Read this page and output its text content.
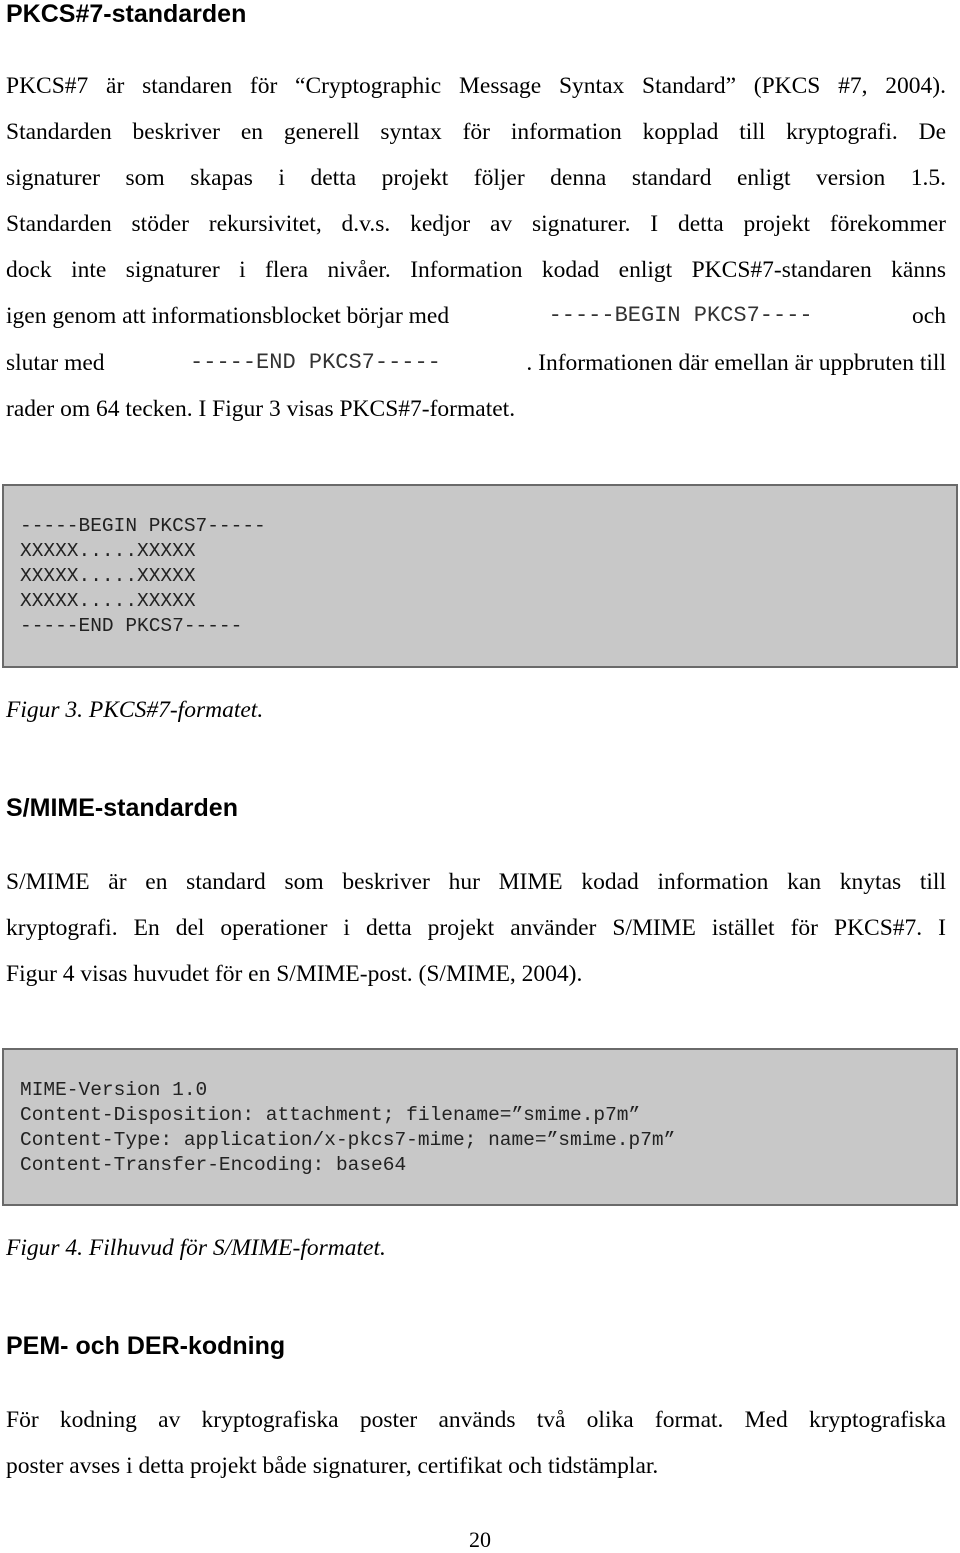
PKCS#7-standarden
PKCS#7 är standaren för “Cryptographic Message Syntax Standard” (PKCS #7, 2004).
Standarden beskriver en generell syntax för information kopplad till kryptografi. De
signaturer som skapas i detta projekt följer denna standard enligt version 1.5.
Standarden stöder rekursivitet, d.v.s. kedjor av signaturer. I detta projekt förekommer
dock inte signaturer i flera nivåer. Information kodad enligt PKCS#7-standaren känns
igen genom att informationsblocket börjar med	-----BEGIN PKCS7----	och
slutar med	-----END PKCS7-----	. Informationen där emellan är uppbruten till
rader om 64 tecken. I Figur 3 visas PKCS#7-formatet.
-----BEGIN PKCS7-----
XXXXX.....XXXXX
XXXXX.....XXXXX
XXXXX.....XXXXX
-----END PKCS7-----
Figur 3. PKCS#7-formatet.
S/MIME-standarden
S/MIME är en standard som beskriver hur MIME kodad information kan knytas till
kryptografi. En del operationer i detta projekt använder S/MIME istället för PKCS#7. I
Figur 4 visas huvudet för en S/MIME-post. (S/MIME, 2004).
MIME-Version 1.0
Content-Disposition: attachment; filename=”smime.p7m”
Content-Type: application/x-pkcs7-mime; name=”smime.p7m”
Content-Transfer-Encoding: base64
Figur 4. Filhuvud för S/MIME-formatet.
PEM- och DER-kodning
För kodning av kryptografiska poster används två olika format. Med kryptografiska
poster avses i detta projekt både signaturer, certifikat och tidstämplar.
20
